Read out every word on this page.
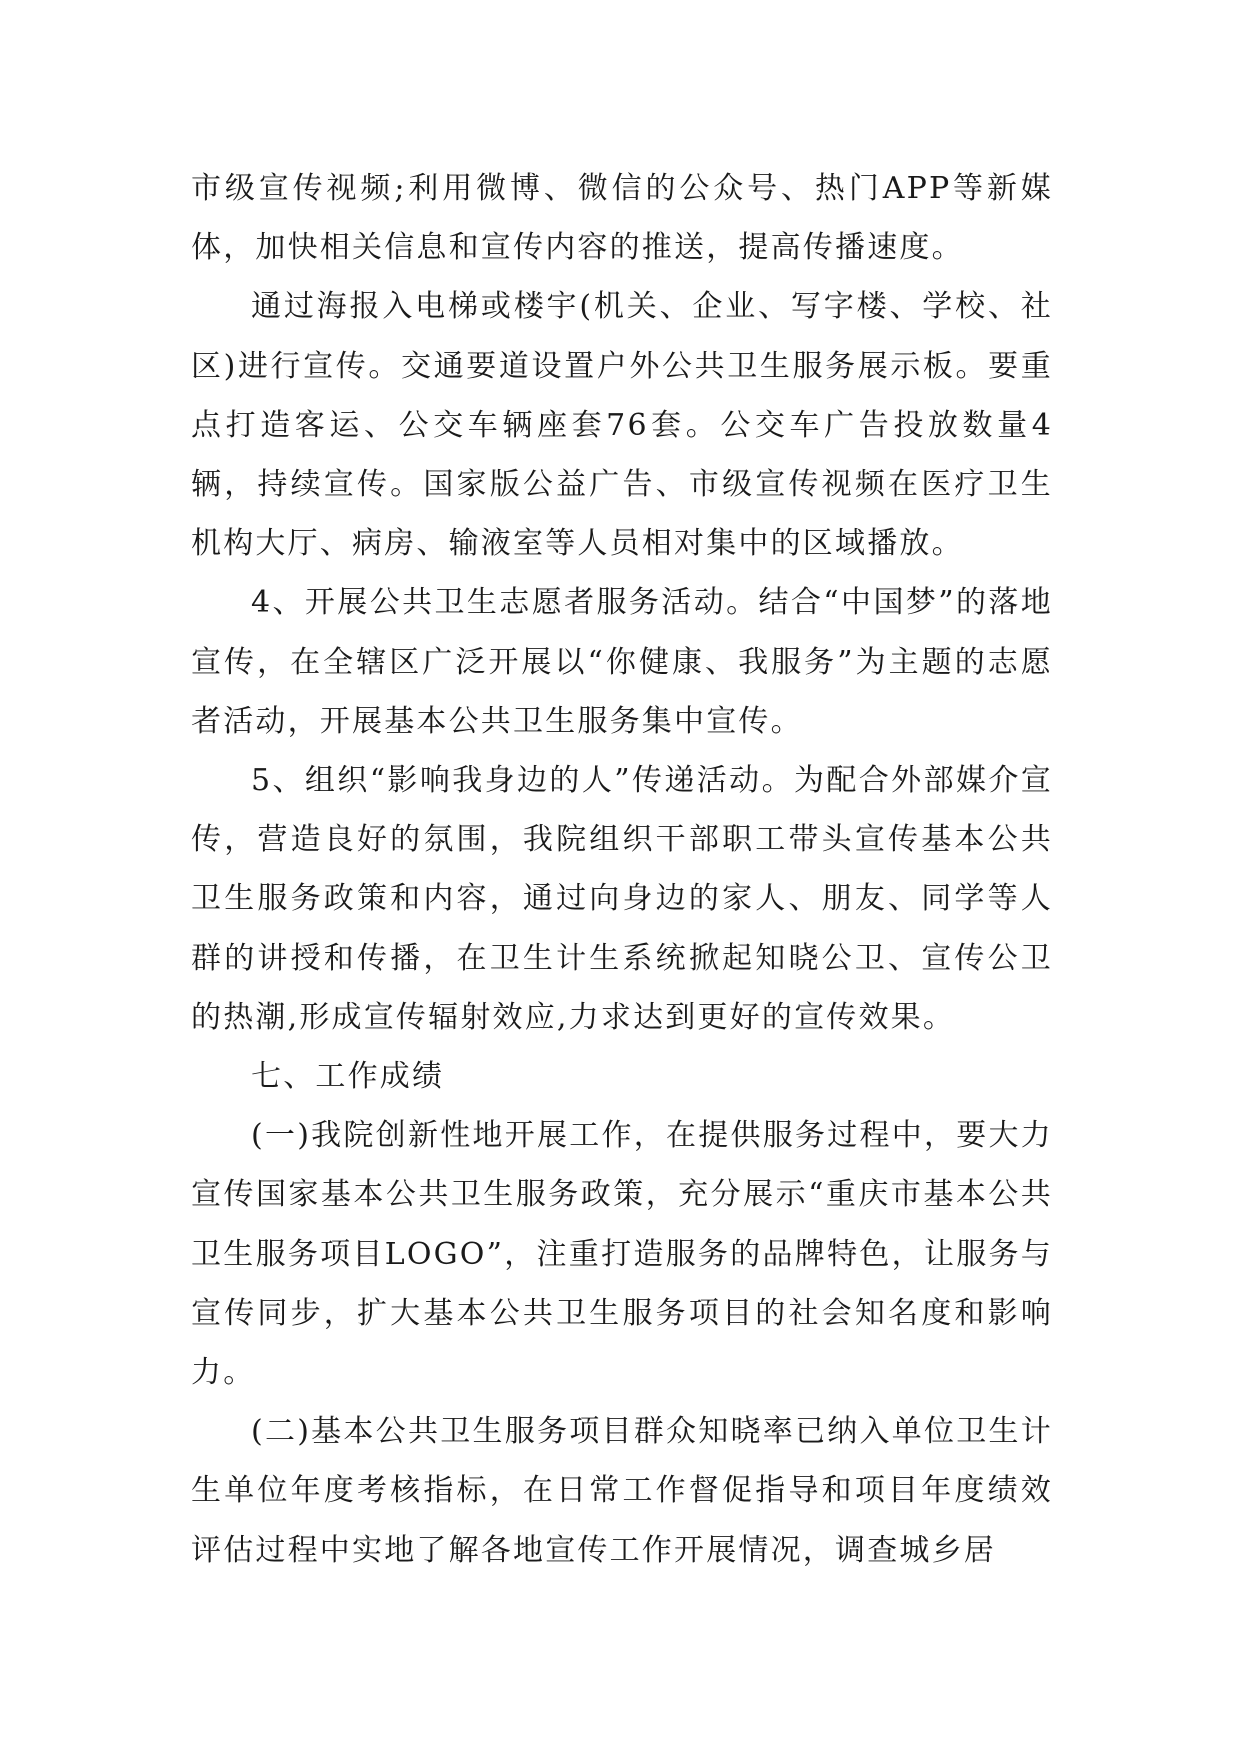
市级宣传视频;利用微博、微信的公众号、热门APP等新媒体，加快相关信息和宣传内容的推送，提高传播速度。

通过海报入电梯或楼宇(机关、企业、写字楼、学校、社区)进行宣传。交通要道设置户外公共卫生服务展示板。要重点打造客运、公交车辆座套76套。公交车广告投放数量4辆，持续宣传。国家版公益广告、市级宣传视频在医疗卫生机构大厅、病房、输液室等人员相对集中的区域播放。

4、开展公共卫生志愿者服务活动。结合“中国梦”的落地宣传，在全辖区广泛开展以“你健康、我服务”为主题的志愿者活动，开展基本公共卫生服务集中宣传。

5、组织“影响我身边的人”传递活动。为配合外部媒介宣传，营造良好的氛围，我院组织干部职工带头宣传基本公共卫生服务政策和内容，通过向身边的家人、朋友、同学等人群的讲授和传播，在卫生计生系统掀起知晓公卫、宣传公卫的热潮,形成宣传辐射效应,力求达到更好的宣传效果。

七、工作成绩

(一)我院创新性地开展工作，在提供服务过程中，要大力宣传国家基本公共卫生服务政策，充分展示“重庆市基本公共卫生服务项目LOGO”，注重打造服务的品牌特色，让服务与宣传同步，扩大基本公共卫生服务项目的社会知名度和影响力。

(二)基本公共卫生服务项目群众知晓率已纳入单位卫生计生单位年度考核指标，在日常工作督促指导和项目年度绩效评估过程中实地了解各地宣传工作开展情况，调查城乡居
